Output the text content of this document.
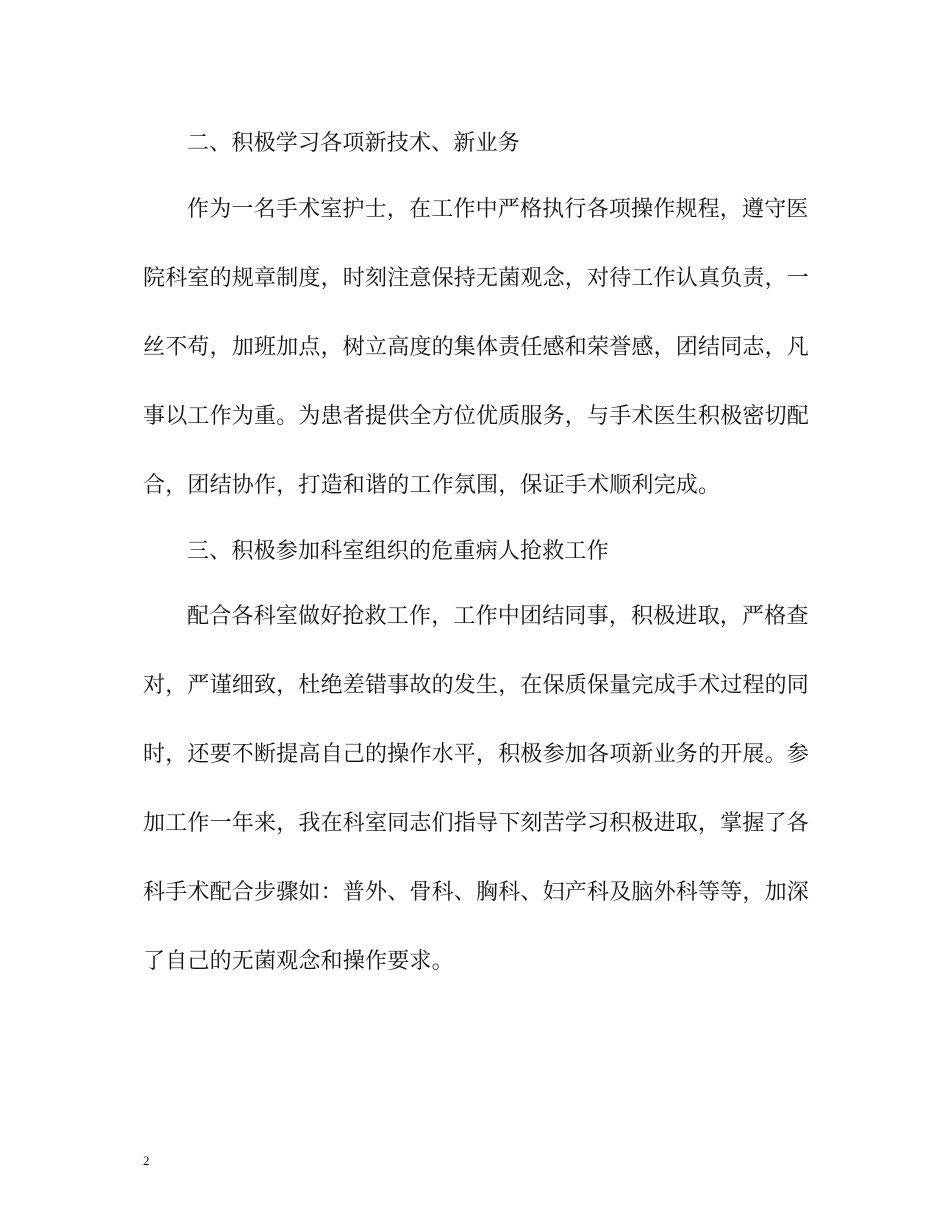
二、积极学习各项新技术、新业务
作为一名手术室护士，在工作中严格执行各项操作规程，遵守医
院科室的规章制度，时刻注意保持无菌观念，对待工作认真负责，一
丝不苟，加班加点，树立高度的集体责任感和荣誉感，团结同志，凡
事以工作为重。为患者提供全方位优质服务，与手术医生积极密切配
合，团结协作，打造和谐的工作氛围，保证手术顺利完成。
三、积极参加科室组织的危重病人抢救工作
配合各科室做好抢救工作，工作中团结同事，积极进取，严格查
对，严谨细致，杜绝差错事故的发生，在保质保量完成手术过程的同
时，还要不断提高自己的操作水平，积极参加各项新业务的开展。参
加工作一年来，我在科室同志们指导下刻苦学习积极进取，掌握了各
科手术配合步骤如：普外、骨科、胸科、妇产科及脑外科等等，加深
了自己的无菌观念和操作要求。
2
